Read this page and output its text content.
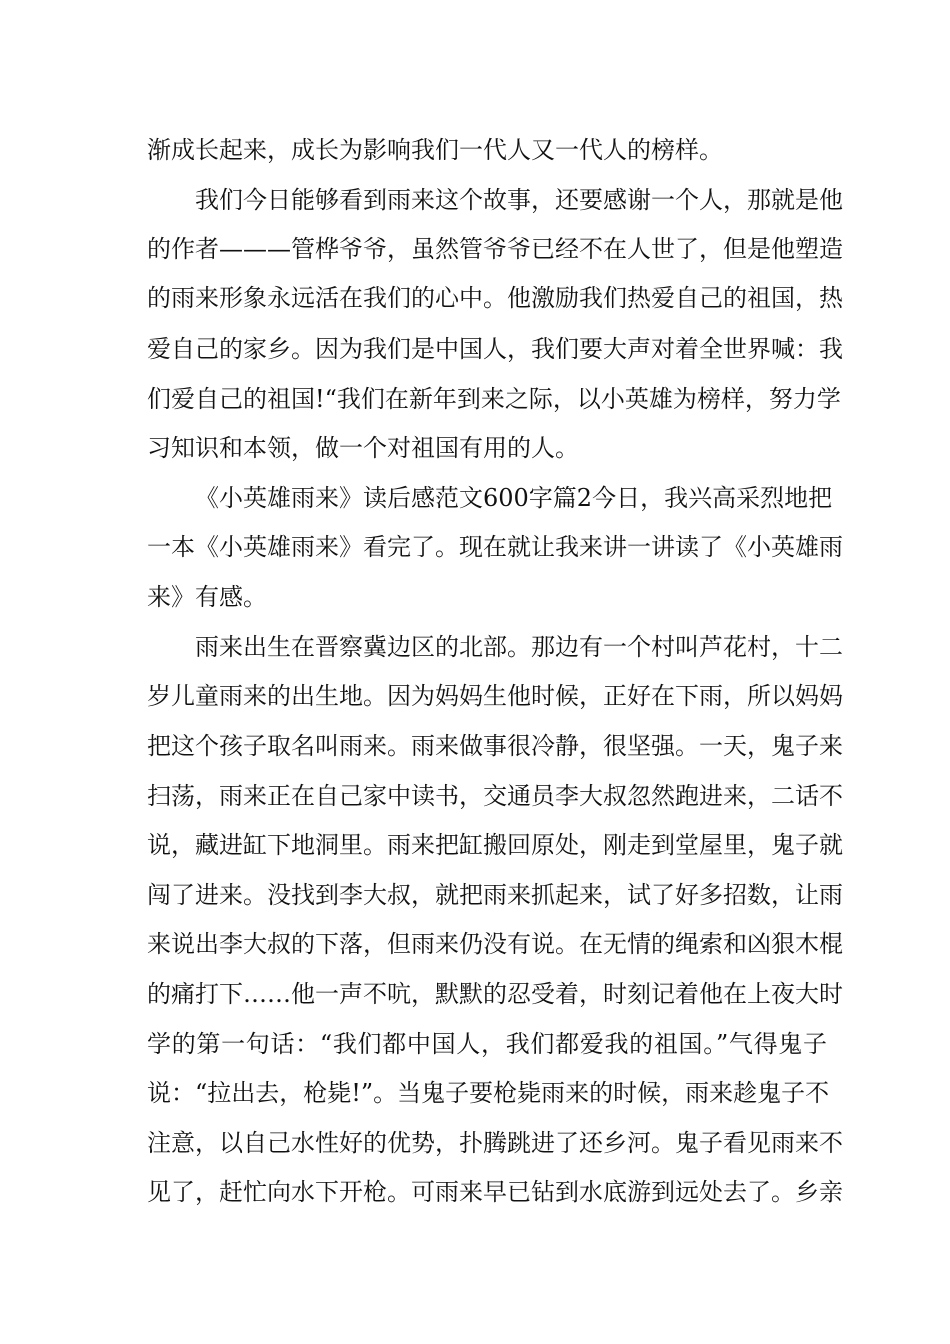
渐成长起来，成长为影响我们一代人又一代人的榜样。
我们今日能够看到雨来这个故事，还要感谢一个人，那就是他
的作者———管桦爷爷，虽然管爷爷已经不在人世了，但是他塑造
的雨来形象永远活在我们的心中。他激励我们热爱自己的祖国，热
爱自己的家乡。因为我们是中国人，我们要大声对着全世界喊：我
们爱自己的祖国!“我们在新年到来之际，以小英雄为榜样，努力学
习知识和本领，做一个对祖国有用的人。
《小英雄雨来》读后感范文600字篇2今日，我兴高采烈地把
一本《小英雄雨来》看完了。现在就让我来讲一讲读了《小英雄雨
来》有感。
雨来出生在晋察冀边区的北部。那边有一个村叫芦花村，十二
岁儿童雨来的出生地。因为妈妈生他时候，正好在下雨，所以妈妈
把这个孩子取名叫雨来。雨来做事很冷静，很坚强。一天，鬼子来
扫荡，雨来正在自己家中读书，交通员李大叔忽然跑进来，二话不
说，藏进缸下地洞里。雨来把缸搬回原处，刚走到堂屋里，鬼子就
闯了进来。没找到李大叔，就把雨来抓起来，试了好多招数，让雨
来说出李大叔的下落，但雨来仍没有说。在无情的绳索和凶狠木棍
的痛打下……他一声不吭，默默的忍受着，时刻记着他在上夜大时
学的第一句话：“我们都中国人，我们都爱我的祖国。”气得鬼子
说：“拉出去，枪毙!”。当鬼子要枪毙雨来的时候，雨来趁鬼子不
注意，以自己水性好的优势，扑腾跳进了还乡河。鬼子看见雨来不
见了，赶忙向水下开枪。可雨来早已钻到水底游到远处去了。乡亲
